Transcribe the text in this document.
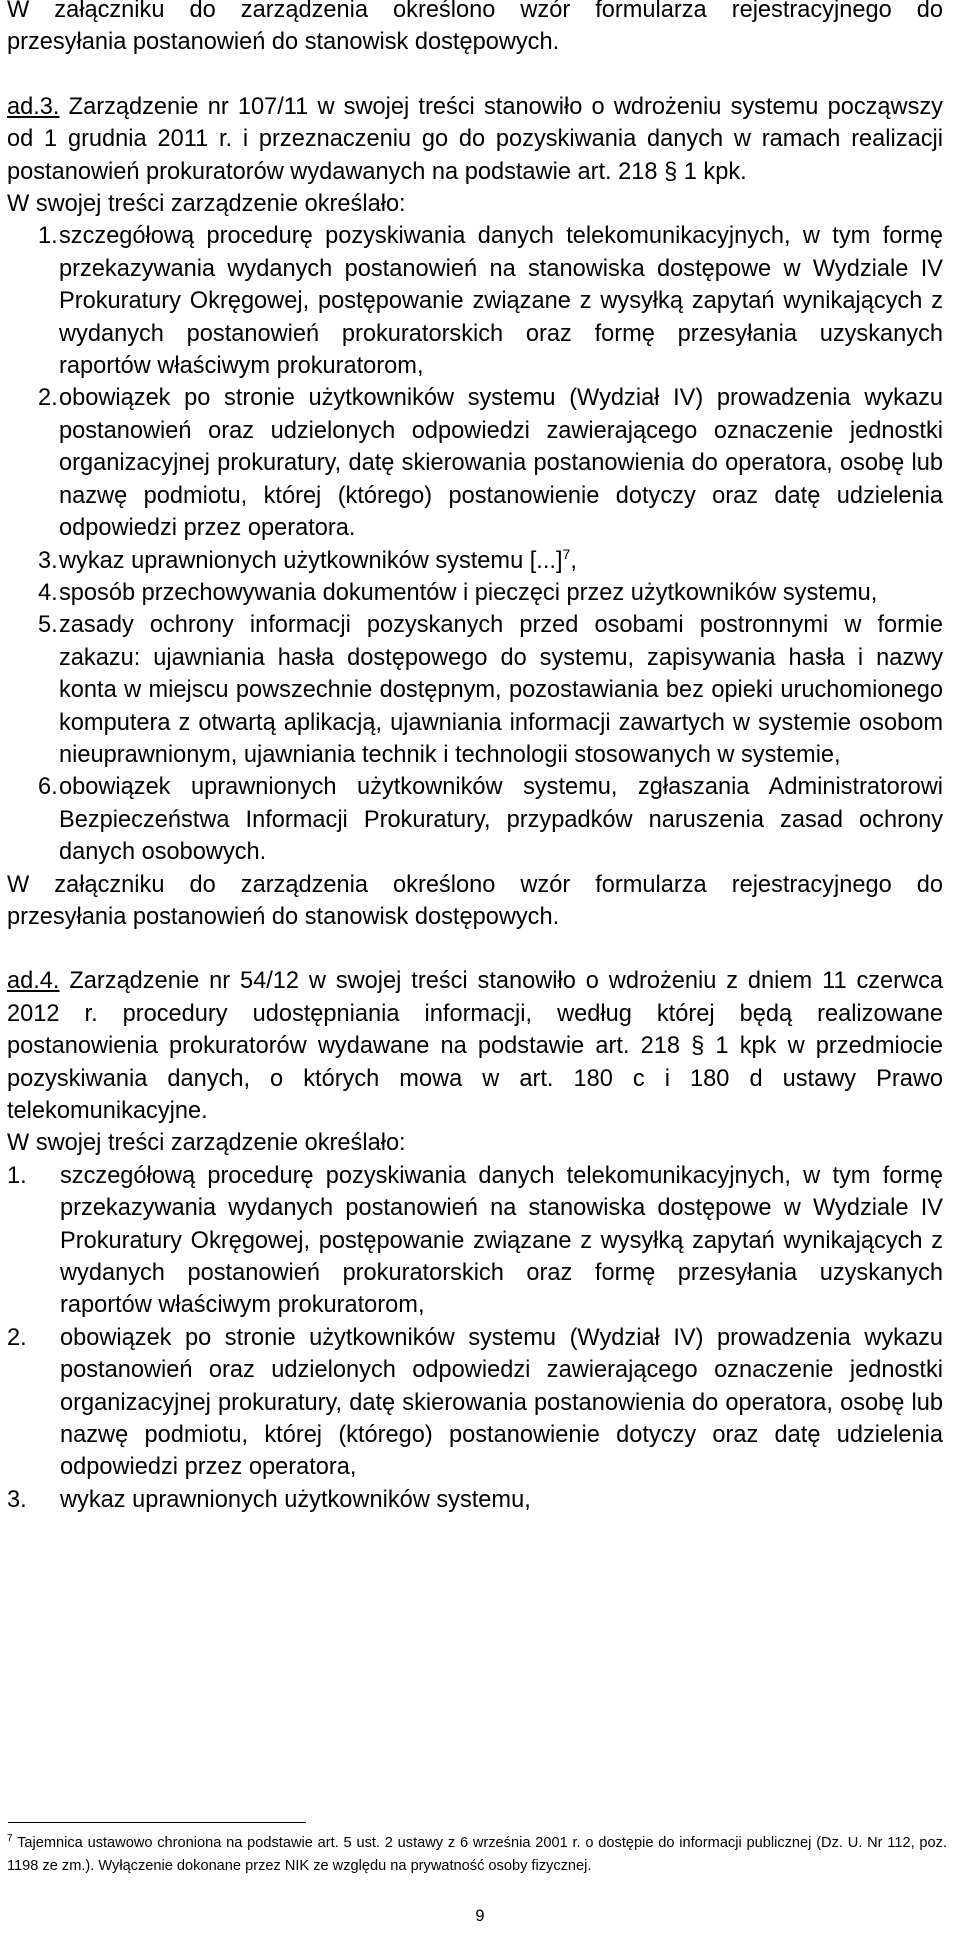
W załączniku do zarządzenia określono wzór formularza rejestracyjnego do

przesyłania postanowień do stanowisk dostępowych.

ad.3. Zarządzenie nr 107/11 w swojej treści stanowiło o wdrożeniu systemu począwszy od 1 grudnia 2011 r. i przeznaczeniu go do pozyskiwania danych w ramach realizacji postanowień prokuratorów wydawanych na podstawie art. 218 § 1 kpk.

W swojej treści zarządzenie określało:

1. szczegółową procedurę pozyskiwania danych telekomunikacyjnych, w tym formę przekazywania wydanych postanowień na stanowiska dostępowe w Wydziale IV Prokuratury Okręgowej, postępowanie związane z wysyłką zapytań wynikających z wydanych postanowień prokuratorskich oraz formę przesyłania uzyskanych raportów właściwym prokuratorom,
2. obowiązek po stronie użytkowników systemu (Wydział IV) prowadzenia wykazu postanowień oraz udzielonych odpowiedzi zawierającego oznaczenie jednostki organizacyjnej prokuratury, datę skierowania postanowienia do operatora, osobę lub nazwę podmiotu, której (którego) postanowienie dotyczy oraz datę udzielenia odpowiedzi przez operatora.
3. wykaz uprawnionych użytkowników systemu [...]$^7$,
4. sposób przechowywania dokumentów i pieczęci przez użytkowników systemu,
5. zasady ochrony informacji pozyskanych przed osobami postronnymi w formie zakazu: ujawniania hasła dostępowego do systemu, zapisywania hasła i nazwy konta w miejscu powszechnie dostępnym, pozostawiania bez opieki uruchomionego komputera z otwartą aplikacją, ujawniania informacji zawartych w systemie osobom nieuprawnionym, ujawniania technik i technologii stosowanych w systemie,
6. obowiązek uprawnionych użytkowników systemu, zgłaszania Administratorowi Bezpieczeństwa Informacji Prokuratury, przypadków naruszenia zasad ochrony danych osobowych.

W załączniku do zarządzenia określono wzór formularza rejestracyjnego do

przesyłania postanowień do stanowisk dostępowych.

ad.4. Zarządzenie nr 54/12 w swojej treści stanowiło o wdrożeniu z dniem 11 czerwca 2012 r. procedury udostępniania informacji, według której będą realizowane postanowienia prokuratorów wydawane na podstawie art. 218 § 1 kpk w przedmiocie pozyskiwania danych, o których mowa w art. 180 c i 180 d ustawy Prawo telekomunikacyjne.

W swojej treści zarządzenie określało:

1. szczegółową procedurę pozyskiwania danych telekomunikacyjnych, w tym formę przekazywania wydanych postanowień na stanowiska dostępowe w Wydziale IV Prokuratury Okręgowej, postępowanie związane z wysyłką zapytań wynikających z wydanych postanowień prokuratorskich oraz formę przesyłania uzyskanych raportów właściwym prokuratorom,
2. obowiązek po stronie użytkowników systemu (Wydział IV) prowadzenia wykazu postanowień oraz udzielonych odpowiedzi zawierającego oznaczenie jednostki organizacyjnej prokuratury, datę skierowania postanowienia do operatora, osobę lub nazwę podmiotu, której (którego) postanowienie dotyczy oraz datę udzielenia odpowiedzi przez operatora,
3. wykaz uprawnionych użytkowników systemu,

$^7$ Tajemnica ustawowo chroniona na podstawie art. 5 ust. 2 ustawy z 6 września 2001 r. o dostępie do informacji publicznej (Dz. U. Nr 112, poz. 1198 ze zm.). Wyłączenie dokonane przez NIK ze względu na prywatność osoby fizycznej.

9
